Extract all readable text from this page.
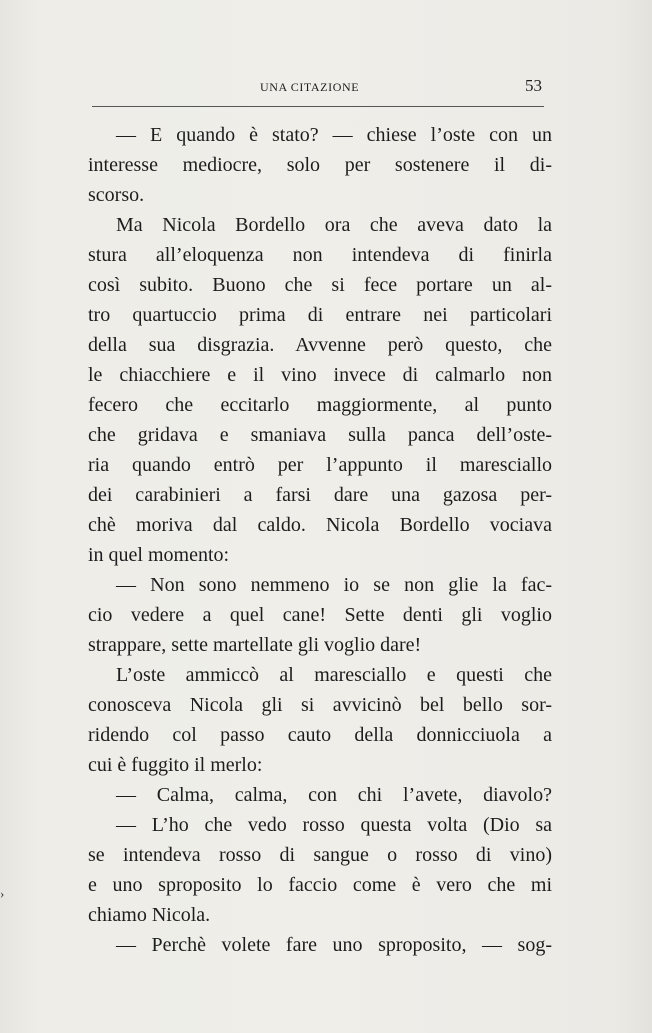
UNA CITAZIONE	53
— E quando è stato? — chiese l’oste con un
interesse mediocre, solo per sostenere il di-
scorso.
Ma Nicola Bordello ora che aveva dato la
stura all’eloquenza non intendeva di finirla
così subito. Buono che si fece portare un al-
tro quartuccio prima di entrare nei particolari
della sua disgrazia. Avvenne però questo, che
le chiacchiere e il vino invece di calmarlo non
fecero che eccitarlo maggiormente, al punto
che gridava e smaniava sulla panca dell’oste-
ria quando entrò per l’appunto il maresciallo
dei carabinieri a farsi dare una gazosa per-
chè moriva dal caldo. Nicola Bordello vociava
in quel momento:
— Non sono nemmeno io se non glie la fac-
cio vedere a quel cane! Sette denti gli voglio
strappare, sette martellate gli voglio dare!
L’oste ammiccò al maresciallo e questi che
conosceva Nicola gli si avvicinò bel bello sor-
ridendo col passo cauto della donnicciuola a
cui è fuggito il merlo:
— Calma, calma, con chi l’avete, diavolo?
— L’ho che vedo rosso questa volta (Dio sa
se intendeva rosso di sangue o rosso di vino)
e uno sproposito lo faccio come è vero che mi
chiamo Nicola.
— Perchè volete fare uno sproposito, — sog-
›
